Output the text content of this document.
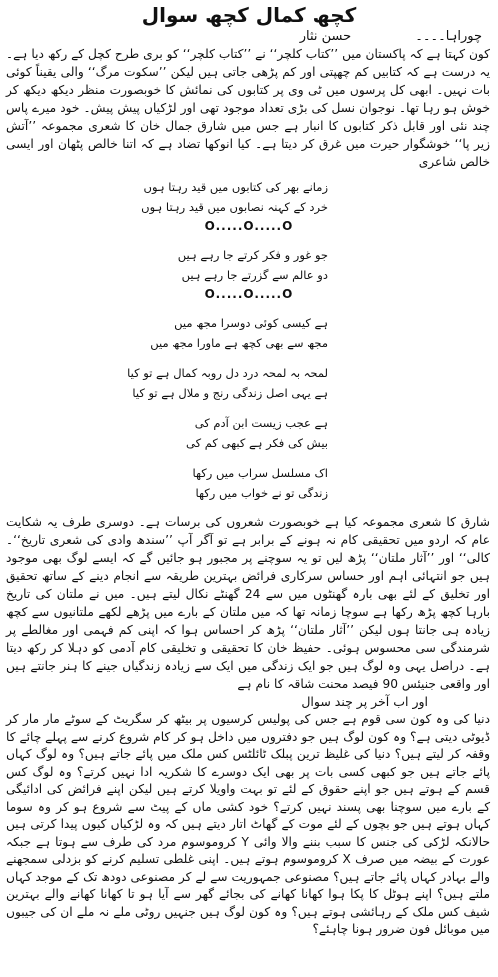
کچھ کمال کچھ سوال
چوراہا۔۔۔۔ حسن نثار

کون کہتا ہے کہ پاکستان میں ’’کتاب کلچر‘‘ نے ’’کتاب کلچر‘‘ کو بری طرح کچل کے رکھ دیا ہے۔ یہ درست ہے کہ کتابیں کم چھپتی اور کم پڑھی جاتی ہیں لیکن ’’سکوت مرگ‘‘ والی یقیناً کوئی بات نہیں۔ ابھی کل پرسوں میں ٹی وی پر کتابوں کی نمائش کا خوبصورت منظر دیکھ دیکھ کر خوش ہو رہا تھا۔ نوجوان نسل کی بڑی تعداد موجود تھی اور لڑکیاں پیش پیش۔ خود میرے پاس چند نئی اور قابل ذکر کتابوں کا انبار ہے جس میں شارق جمال خان کا شعری مجموعہ ’’آتش زیر پا‘‘ خوشگوار حیرت میں غرق کر دیتا ہے۔ کیا انوکھا تضاد ہے کہ اتنا خالص پٹھان اور ایسی خالص شاعری

زمانے بھر کی کتابوں میں قید رہتا ہوں
خرد کے کہنہ نصابوں میں قید رہتا ہوں
O.....O.....O
جو غور و فکر کرتے جا رہے ہیں
دو عالم سے گزرتے جا رہے ہیں
O.....O.....O
ہے کیسی کوئی دوسرا مجھ میں
مجھ سے بھی کچھ ہے ماورا مجھ میں
لمحہ بہ لمحہ درد دل روبہ کمال ہے تو کیا
ہے یہی اصل زندگی رنج و ملال ہے تو کیا
ہے عجب زیست ابن آدم کی
بیش کی فکر ہے کبھی کم کی
اک مسلسل سراب میں رکھا
زندگی تو نے خواب میں رکھا

شارق کا شعری مجموعہ کیا ہے خوبصورت شعروں کی برسات ہے۔ دوسری طرف یہ شکایت عام کہ اردو میں تحقیقی کام نہ ہونے کے برابر ہے تو آگر آپ ’’سندھ وادی کی شعری تاریخ‘‘۔ کالی‘‘ اور ’’آثار ملتان‘‘ پڑھ لیں تو یہ سوچنے پر مجبور ہو جائیں گے کہ ایسے لوگ بھی موجود ہیں جو انتہائی اہم اور حساس سرکاری فرائض بہترین طریقہ سے انجام دینے کے ساتھ تحقیق اور تخلیق کے لئے بھی بارہ گھنٹوں میں سے 24 گھنٹے نکال لیتے ہیں۔ میں نے ملتان کی تاریخ بارہا کچھ پڑھ رکھا ہے سوچا زمانہ تھا کہ میں ملتان کے بارے میں پڑھے لکھے ملتانیوں سے کچھ زیادہ ہی جانتا ہوں لیکن ’’آثار ملتان‘‘ پڑھ کر احساس ہوا کہ اپنی کم فہمی اور مغالطے پر شرمندگی سی محسوس ہوئی۔ حفیظ خان کا تحقیقی و تخلیقی کام آدمی کو دہلا کر رکھ دیتا ہے۔ دراصل یہی وہ لوگ ہیں جو ایک زندگی میں ایک سے زیادہ زندگیاں جینے کا ہنر جانتے ہیں اور واقعی جنیئس 90 فیصد محنت شاقہ کا نام ہے

اور اب آخر پر چند سوال

دنیا کی وہ کون سی قوم ہے جس کی پولیس کرسیوں پر بیٹھ کر سگریٹ کے سوٹے مار مار کر ڈیوٹی دیتی ہے؟ وہ کون لوگ ہیں جو دفتروں میں داخل ہو کر کام شروع کرنے سے پہلے چائے کا وقفہ کر لیتے ہیں؟ دنیا کی غلیظ ترین پبلک ٹائلٹس کس ملک میں پائے جاتے ہیں؟ وہ لوگ کہاں پائے جاتے ہیں جو کبھی کسی بات پر بھی ایک دوسرے کا شکریہ ادا نہیں کرتے؟ وہ لوگ کس قسم کے ہوتے ہیں جو اپنے حقوق کے لئے تو بہت واویلا کرتے ہیں لیکن اپنے فرائض کی ادائیگی کے بارے میں سوچنا بھی پسند نہیں کرتے؟ خود کشی ماں کے پیٹ سے شروع ہو کر وہ سوما کہاں ہوتے ہیں جو بچوں کے لئے موت کے گھاٹ اتار دیتے ہیں کہ وہ لڑکیاں کیوں پیدا کرتی ہیں حالانکہ لڑکی کی جنس کا سبب بننے والا وائی Y کروموسوم مرد کی طرف سے ہوتا ہے جبکہ عورت کے بیضہ میں صرف X کروموسوم ہوتے ہیں۔ اپنی غلطی تسلیم کرنے کو بزدلی سمجھنے والے بہادر کہاں پائے جاتے ہیں؟ مصنوعی جمہوریت سے لے کر مصنوعی دودھ تک کے موجد کہاں ملتے ہیں؟ اپنے ہوٹل کا پکا ہوا کھانا کھانے کی بجائے گھر سے آیا ہو تا کھانا کھانے والے بہترین شیف کس ملک کے رہائشی ہوتے ہیں؟ وہ کون لوگ ہیں جنہیں روٹی ملے نہ ملے ان کی جیبوں میں موبائل فون ضرور ہونا چاہئے؟
